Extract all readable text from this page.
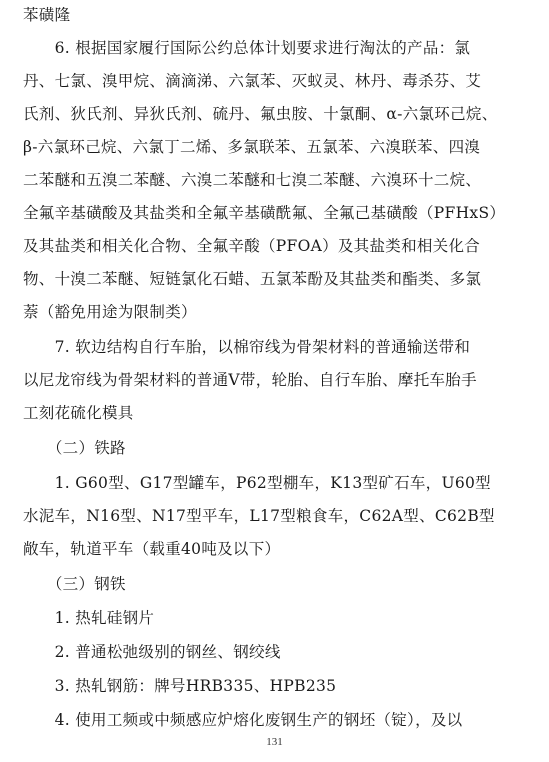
苯磺隆
　　6. 根据国家履行国际公约总体计划要求进行淘汰的产品：氯
丹、七氯、溴甲烷、滴滴涕、六氯苯、灭蚁灵、林丹、毒杀芬、艾
氏剂、狄氏剂、异狄氏剂、硫丹、氟虫胺、十氯酮、α-六氯环己烷、
β-六氯环己烷、六氯丁二烯、多氯联苯、五氯苯、六溴联苯、四溴
二苯醚和五溴二苯醚、六溴二苯醚和七溴二苯醚、六溴环十二烷、
全氟辛基磺酸及其盐类和全氟辛基磺酰氟、全氟己基磺酸（PFHxS）
及其盐类和相关化合物、全氟辛酸（PFOA）及其盐类和相关化合
物、十溴二苯醚、短链氯化石蜡、五氯苯酚及其盐类和酯类、多氯
萘（豁免用途为限制类）
　　7. 软边结构自行车胎，以棉帘线为骨架材料的普通输送带和
以尼龙帘线为骨架材料的普通V带，轮胎、自行车胎、摩托车胎手
工刻花硫化模具
　　（二）铁路
　　1. G60型、G17型罐车，P62型棚车，K13型矿石车，U60型
水泥车，N16型、N17型平车，L17型粮食车，C62A型、C62B型
敞车，轨道平车（载重40吨及以下）
　　（三）钢铁
　　1. 热轧硅钢片
　　2. 普通松弛级别的钢丝、钢绞线
　　3. 热轧钢筋：牌号HRB335、HPB235
　　4. 使用工频或中频感应炉熔化废钢生产的钢坯（锭），及以
131
